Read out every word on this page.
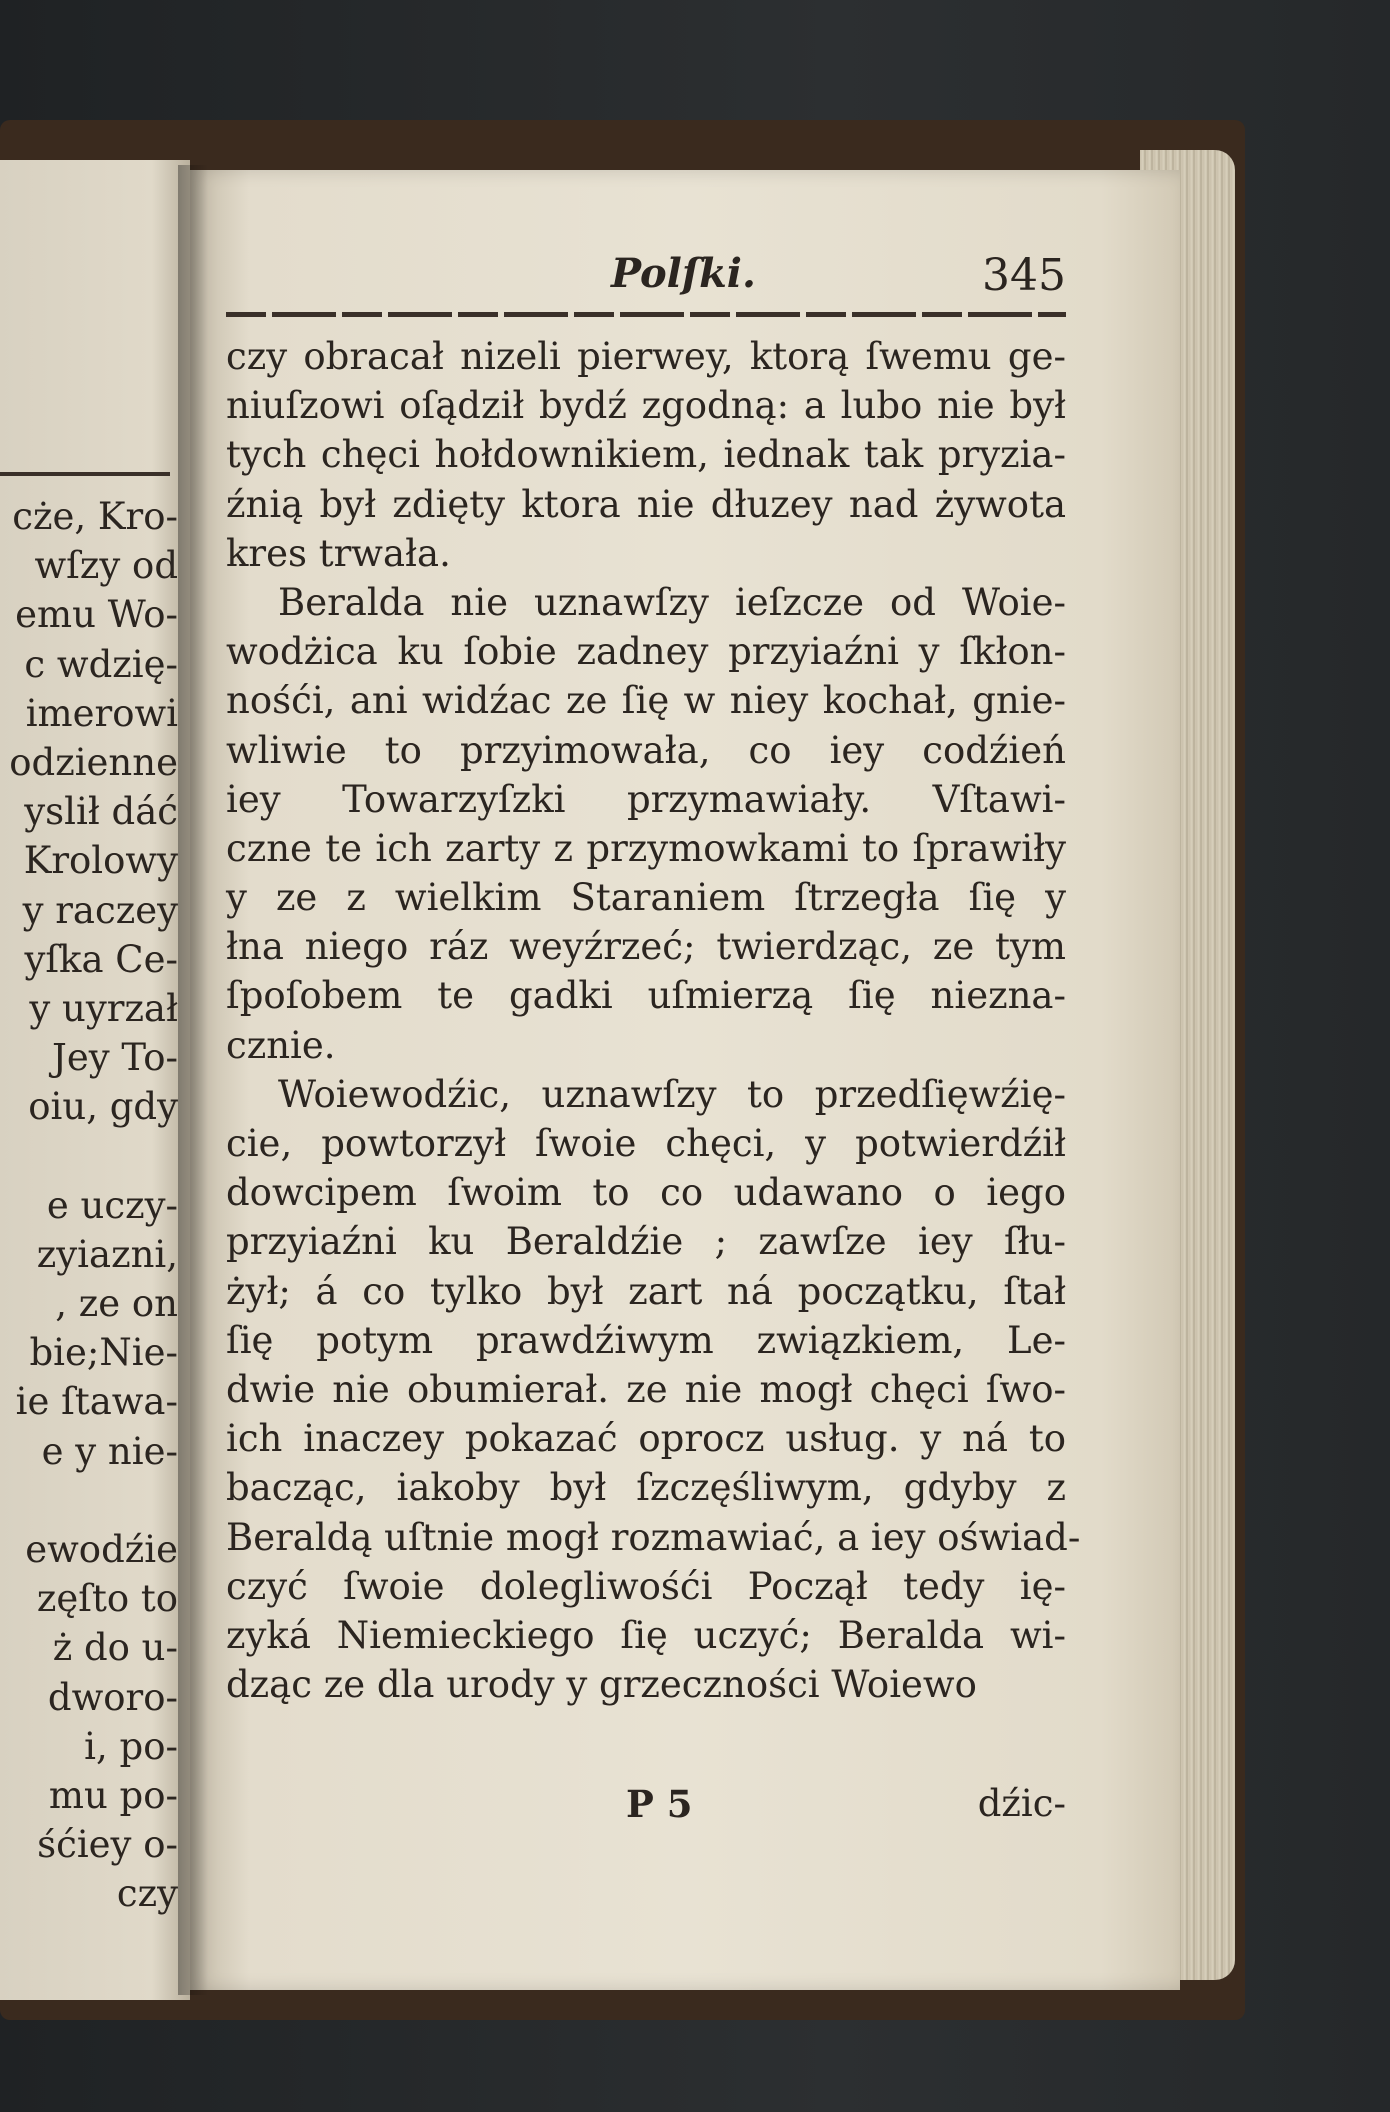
cże, Kro-
wſzy od
emu Wo-
c wdzię-
imerowi
odzienne
yslił dáć
Krolowy
y raczey
yſka Ce-
y uyrzał
Jey To-
oiu, gdy
e uczy-
zyiazni,
, ze on
bie;Nie-
ie ſtawa-
e y nie-
ewodźie
zęſto to
ż do u-
dworo-
i, po-
mu po-
śćiey o-
czy
Polſki.	345
czy obracał nizeli pierwey, ktorą ſwemu ge-
niuſzowi oſądził bydź zgodną: a lubo nie był
tych chęci hołdownikiem, iednak tak pryzia-
źnią był zdięty ktora nie dłuzey nad żywota
kres trwała.
Beralda nie uznawſzy ieſzcze od Woie-
wodżica ku ſobie zadney przyiaźni y ſkłon-
nośći, ani widźac ze ſię w niey kochał, gnie-
wliwie to przyimowała, co iey codźień
iey Towarzyſzki przymawiały. Vſtawi-
czne te ich zarty z przymowkami to ſprawiły
y ze z wielkim Staraniem ſtrzegła ſię y
łna niego ráz weyźrzeć; twierdząc, ze tym
ſpoſobem te gadki uſmierzą ſię niezna-
cznie.
Woiewodźic, uznawſzy to przedſięwźię-
cie, powtorzył ſwoie chęci, y potwierdźił
dowcipem ſwoim to co udawano o iego
przyiaźni ku Beraldźie ; zawſze iey ſłu-
żył; á co tylko był zart ná początku, ſtał
ſię potym prawdźiwym związkiem, Le-
dwie nie obumierał. ze nie mogł chęci ſwo-
ich inaczey pokazać oprocz usług. y ná to
bacząc, iakoby był ſzczęśliwym, gdyby z
Beraldą uſtnie mogł rozmawiać, a iey oświad-
czyć ſwoie dolegliwośći Począł tedy ię-
zyká Niemieckiego ſię uczyć; Beralda wi-
dząc ze dla urody y grzeczności Woiewo
P 5	dźic-
